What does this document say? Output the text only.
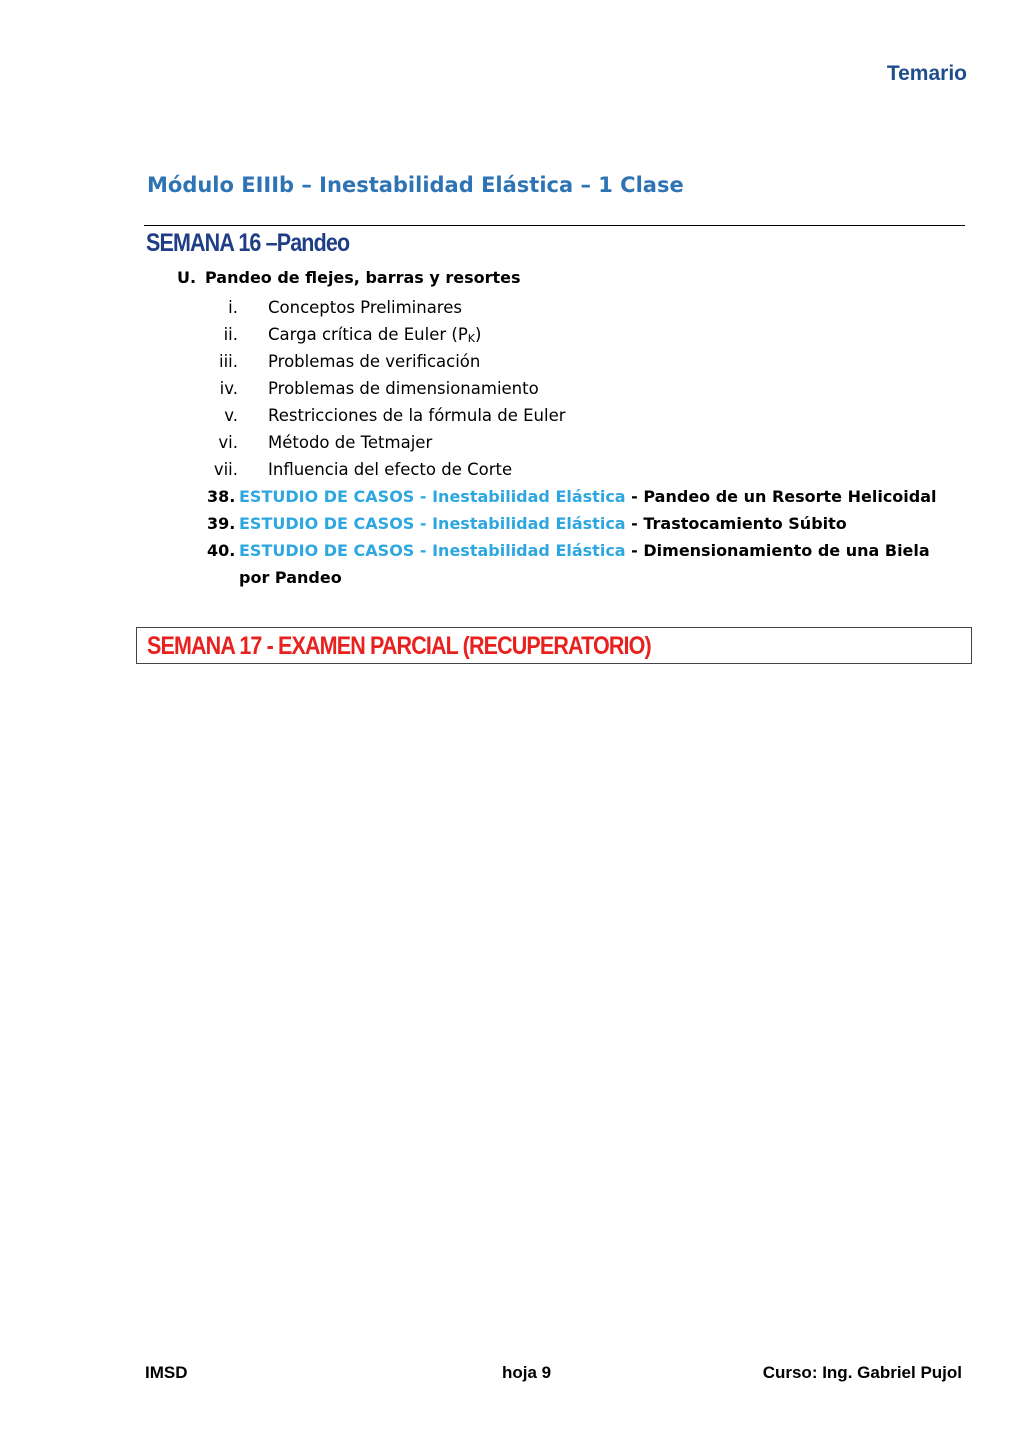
Temario
Módulo EIIIb – Inestabilidad Elástica – 1 Clase
SEMANA 16 –Pandeo
U. Pandeo de flejes, barras y resortes
i. Conceptos Preliminares
ii. Carga crítica de Euler (PK)
iii. Problemas de verificación
iv. Problemas de dimensionamiento
v. Restricciones de la fórmula de Euler
vi. Método de Tetmajer
vii. Influencia del efecto de Corte
38. ESTUDIO DE CASOS - Inestabilidad Elástica - Pandeo de un Resorte Helicoidal
39. ESTUDIO DE CASOS - Inestabilidad Elástica - Trastocamiento Súbito
40. ESTUDIO DE CASOS - Inestabilidad Elástica - Dimensionamiento de una Biela por Pandeo
SEMANA 17 - EXAMEN PARCIAL (RECUPERATORIO)
IMSD	hoja 9	Curso: Ing. Gabriel Pujol
